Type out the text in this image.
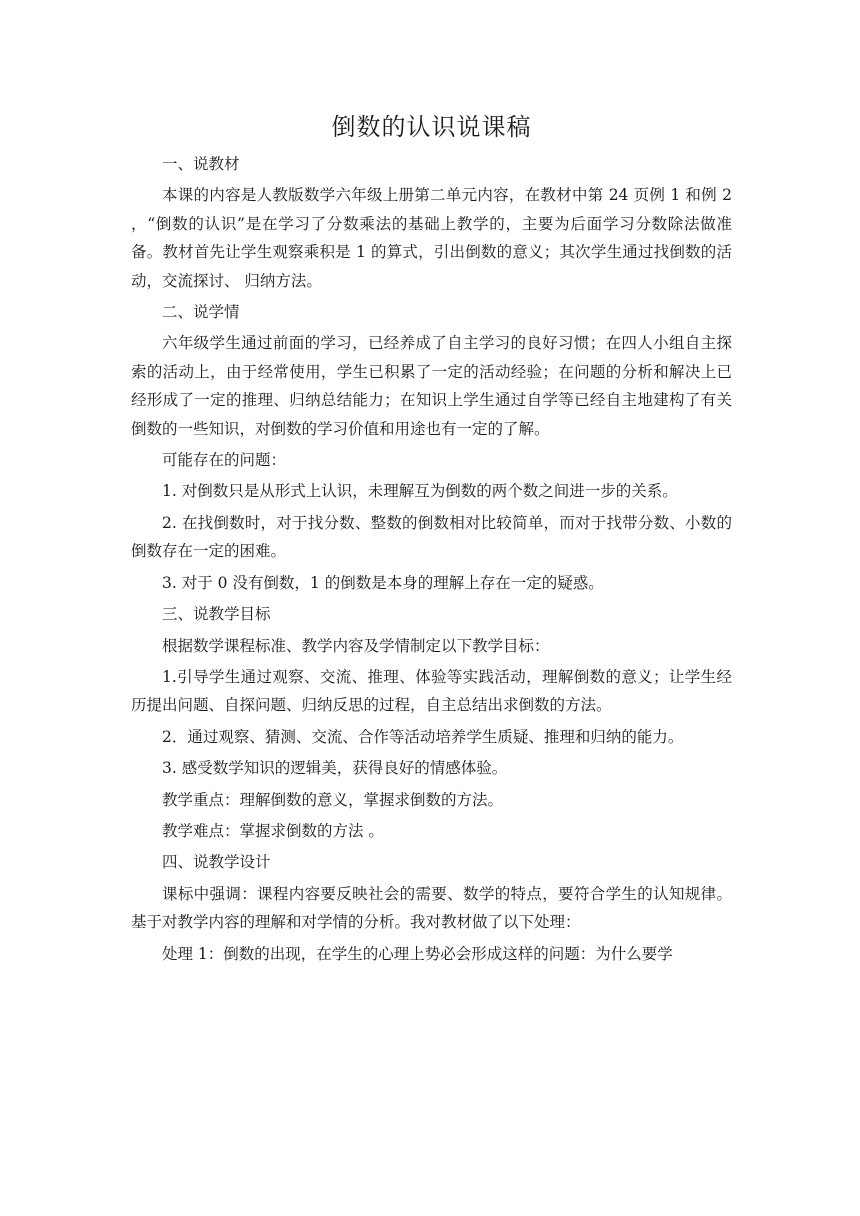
倒数的认识说课稿

一、说教材

本课的内容是人教版数学六年级上册第二单元内容，在教材中第 24 页例 1 和例 2 ，“倒数的认识”是在学习了分数乘法的基础上教学的，主要为后面学习分数除法做准备。教材首先让学生观察乘积是 1 的算式，引出倒数的意义；其次学生通过找倒数的活动，交流探讨、 归纳方法。

二、说学情

六年级学生通过前面的学习，已经养成了自主学习的良好习惯；在四人小组自主探索的活动上，由于经常使用，学生已积累了一定的活动经验；在问题的分析和解决上已经形成了一定的推理、归纳总结能力；在知识上学生通过自学等已经自主地建构了有关倒数的一些知识，对倒数的学习价值和用途也有一定的了解。

可能存在的问题：

1. 对倒数只是从形式上认识，未理解互为倒数的两个数之间进一步的关系。

2. 在找倒数时，对于找分数、整数的倒数相对比较简单，而对于找带分数、小数的倒数存在一定的困难。

3. 对于 0 没有倒数，1 的倒数是本身的理解上存在一定的疑惑。

三、说教学目标

根据数学课程标准、教学内容及学情制定以下教学目标：

1.引导学生通过观察、交流、推理、体验等实践活动，理解倒数的意义；让学生经历提出问题、自探问题、归纳反思的过程，自主总结出求倒数的方法。

2．通过观察、猜测、交流、合作等活动培养学生质疑、推理和归纳的能力。

3. 感受数学知识的逻辑美，获得良好的情感体验。

教学重点：理解倒数的意义，掌握求倒数的方法。

教学难点：掌握求倒数的方法 。

四、说教学设计

课标中强调：课程内容要反映社会的需要、数学的特点，要符合学生的认知规律。基于对教学内容的理解和对学情的分析。我对教材做了以下处理：

处理 1：倒数的出现，在学生的心理上势必会形成这样的问题：为什么要学
